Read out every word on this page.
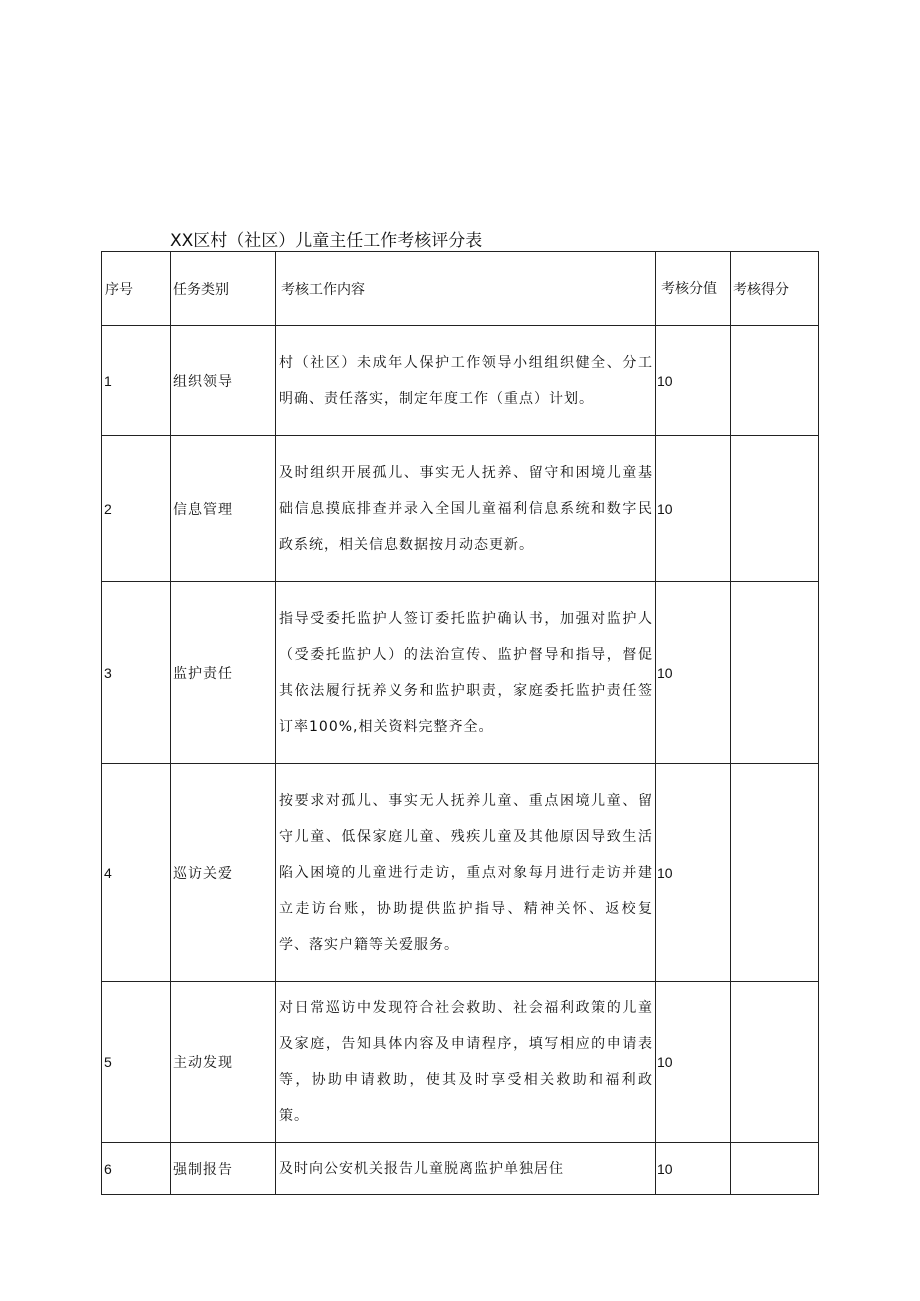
XX区村（社区）儿童主任工作考核评分表
序号	任务类别	考核工作内容	考核分值	考核得分
1	组织领导	村（社区）未成年人保护工作领导小组组织健全、分工明确、责任落实，制定年度工作（重点）计划。	10	
2	信息管理	及时组织开展孤儿、事实无人抚养、留守和困境儿童基础信息摸底排查并录入全国儿童福利信息系统和数字民政系统，相关信息数据按月动态更新。	10	
3	监护责任	指导受委托监护人签订委托监护确认书，加强对监护人（受委托监护人）的法治宣传、监护督导和指导，督促其依法履行抚养义务和监护职责，家庭委托监护责任签订率100%,相关资料完整齐全。	10	
4	巡访关爱	按要求对孤儿、事实无人抚养儿童、重点困境儿童、留守儿童、低保家庭儿童、残疾儿童及其他原因导致生活陷入困境的儿童进行走访，重点对象每月进行走访并建立走访台账，协助提供监护指导、精神关怀、返校复学、落实户籍等关爱服务。	10	
5	主动发现	对日常巡访中发现符合社会救助、社会福利政策的儿童及家庭，告知具体内容及申请程序，填写相应的申请表等，协助申请救助，使其及时享受相关救助和福利政策。	10	
6	强制报告	及时向公安机关报告儿童脱离监护单独居住	10	
